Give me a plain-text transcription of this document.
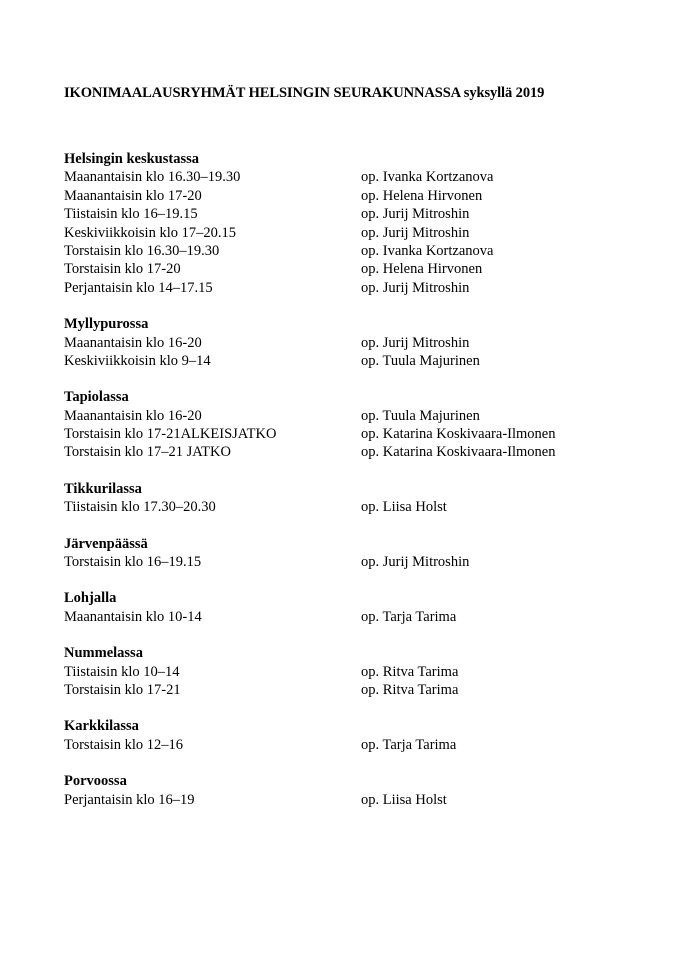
IKONIMAALAUSRYHMÄT HELSINGIN SEURAKUNNASSA syksyllä 2019
Helsingin keskustassa
Maanantaisin klo 16.30–19.30	op. Ivanka Kortzanova
Maanantaisin klo 17-20	op. Helena Hirvonen
Tiistaisin klo 16–19.15	op. Jurij Mitroshin
Keskiviikkoisin klo 17–20.15	op. Jurij Mitroshin
Torstaisin klo 16.30–19.30	op. Ivanka Kortzanova
Torstaisin klo 17-20	op. Helena Hirvonen
Perjantaisin klo 14–17.15	op. Jurij Mitroshin
Myllypurossa
Maanantaisin klo 16-20	op. Jurij Mitroshin
Keskiviikkoisin klo 9–14	op. Tuula Majurinen
Tapiolassa
Maanantaisin klo 16-20	op. Tuula Majurinen
Torstaisin klo 17-21ALKEISJATKO	op. Katarina Koskivaara-Ilmonen
Torstaisin klo 17–21 JATKO	op. Katarina Koskivaara-Ilmonen
Tikkurilassa
Tiistaisin klo 17.30–20.30	op. Liisa Holst
Järvenpäässä
Torstaisin klo 16–19.15	op. Jurij Mitroshin
Lohjalla
Maanantaisin klo 10-14	op. Tarja Tarima
Nummelassa
Tiistaisin klo 10–14	op. Ritva Tarima
Torstaisin klo 17-21	op. Ritva Tarima
Karkkilassa
Torstaisin klo 12–16	op. Tarja Tarima
Porvoossa
Perjantaisin klo 16–19	op. Liisa Holst
